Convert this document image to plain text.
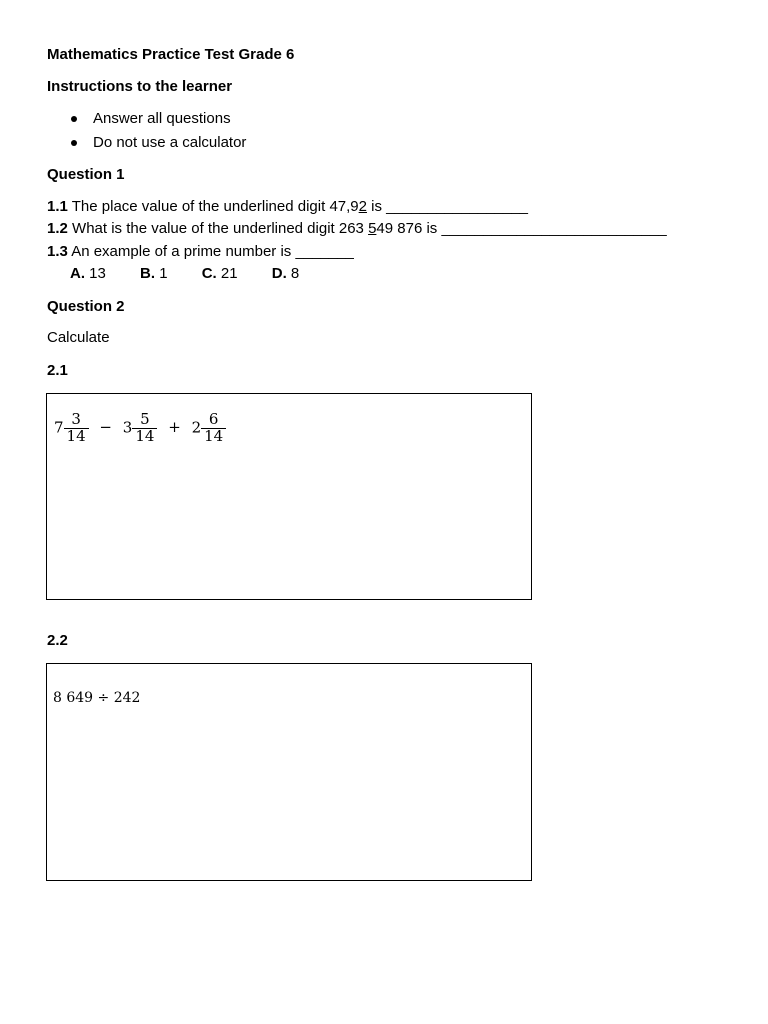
Mathematics Practice Test Grade 6
Instructions to the learner
Answer all questions
Do not use a calculator
Question 1
1.1 The place value of the underlined digit 47,92 is _________________
1.2 What is the value of the underlined digit 263 549 876 is ___________________________
1.3 An example of a prime number is _______
A. 13 B. 1 C. 21 D. 8
Question 2
Calculate
2.1
$7 \frac{3}{14} - 3 \frac{5}{14} + 2 \frac{6}{14}$
2.2
8 649 ÷ 242
